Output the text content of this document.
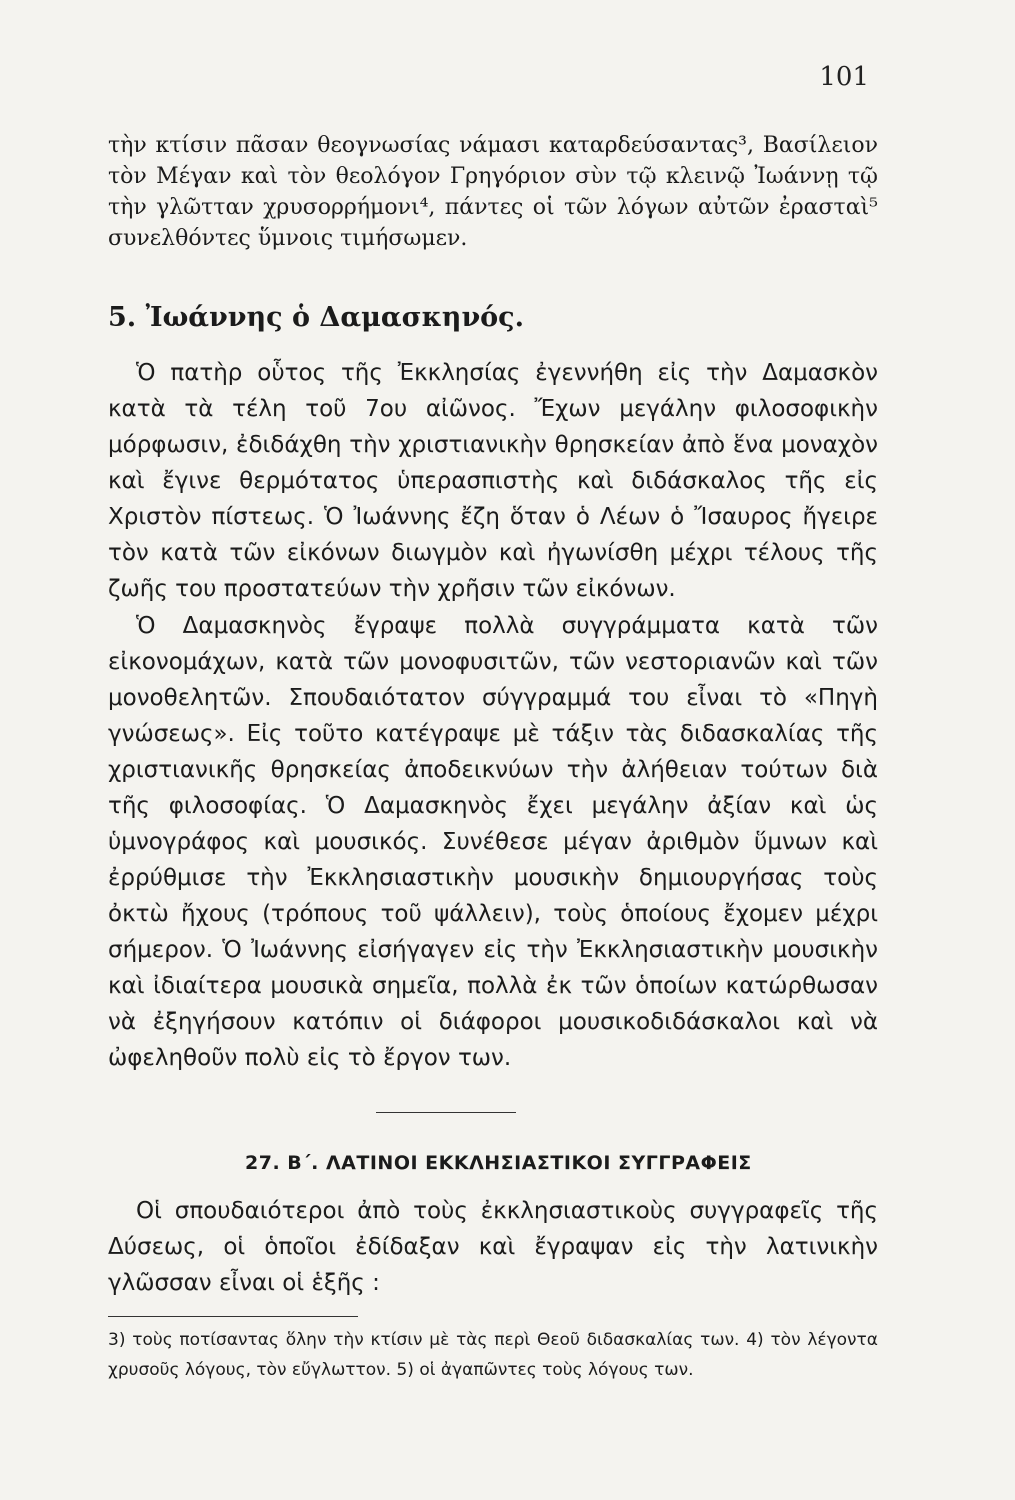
101

τὴν κτίσιν πᾶσαν θεογνωσίας νάμασι καταρδεύσαντας³, Βασίλειον τὸν Μέγαν καὶ τὸν θεολόγον Γρηγόριον σὺν τῷ κλεινῷ Ἰωάννῃ τῷ τὴν γλῶτταν χρυσορρήμονι⁴, πάντες οἱ τῶν λόγων αὐτῶν ἐρασταὶ⁵ συνελθόντες ὕμνοις τιμήσωμεν.

5. Ἰωάννης ὁ Δαμασκηνός.

Ὁ πατὴρ οὗτος τῆς Ἐκκλησίας ἐγεννήθη εἰς τὴν Δαμασκὸν κατὰ τὰ τέλη τοῦ 7ου αἰῶνος. Ἔχων μεγάλην φιλοσοφικὴν μόρφωσιν, ἐδιδάχθη τὴν χριστιανικὴν θρησκείαν ἀπὸ ἕνα μοναχὸν καὶ ἔγινε θερμότατος ὑπερασπιστὴς καὶ διδάσκαλος τῆς εἰς Χριστὸν πίστεως. Ὁ Ἰωάννης ἔζη ὅταν ὁ Λέων ὁ Ἴσαυρος ἤγειρε τὸν κατὰ τῶν εἰκόνων διωγμὸν καὶ ἠγωνίσθη μέχρι τέλους τῆς ζωῆς του προστατεύων τὴν χρῆσιν τῶν εἰκόνων.

Ὁ Δαμασκηνὸς ἔγραψε πολλὰ συγγράμματα κατὰ τῶν εἰκονομάχων, κατὰ τῶν μονοφυσιτῶν, τῶν νεστοριανῶν καὶ τῶν μονοθελητῶν. Σπουδαιότατον σύγγραμμά του εἶναι τὸ «Πηγὴ γνώσεως». Εἰς τοῦτο κατέγραψε μὲ τάξιν τὰς διδασκαλίας τῆς χριστιανικῆς θρησκείας ἀποδεικνύων τὴν ἀλήθειαν τούτων διὰ τῆς φιλοσοφίας. Ὁ Δαμασκηνὸς ἔχει μεγάλην ἀξίαν καὶ ὡς ὑμνογράφος καὶ μουσικός. Συνέθεσε μέγαν ἀριθμὸν ὕμνων καὶ ἐρρύθμισε τὴν Ἐκκλησιαστικὴν μουσικὴν δημιουργήσας τοὺς ὀκτὼ ἤχους (τρόπους τοῦ ψάλλειν), τοὺς ὁποίους ἔχομεν μέχρι σήμερον. Ὁ Ἰωάννης εἰσήγαγεν εἰς τὴν Ἐκκλησιαστικὴν μουσικὴν καὶ ἰδιαίτερα μουσικὰ σημεῖα, πολλὰ ἐκ τῶν ὁποίων κατώρθωσαν νὰ ἐξηγήσουν κατόπιν οἱ διάφοροι μουσικοδιδάσκαλοι καὶ νὰ ὠφεληθοῦν πολὺ εἰς τὸ ἔργον των.

27. Β΄. ΛΑΤΙΝΟΙ ΕΚΚΛΗΣΙΑΣΤΙΚΟΙ ΣΥΓΓΡΑΦΕΙΣ

Οἱ σπουδαιότεροι ἀπὸ τοὺς ἐκκλησιαστικοὺς συγγραφεῖς τῆς Δύσεως, οἱ ὁποῖοι ἐδίδαξαν καὶ ἔγραψαν εἰς τὴν λατινικὴν γλῶσσαν εἶναι οἱ ἑξῆς :

3) τοὺς ποτίσαντας ὅλην τὴν κτίσιν μὲ τὰς περὶ Θεοῦ διδασκαλίας των. 4) τὸν λέγοντα χρυσοῦς λόγους, τὸν εὔγλωττον. 5) οἱ ἀγαπῶντες τοὺς λόγους των.
